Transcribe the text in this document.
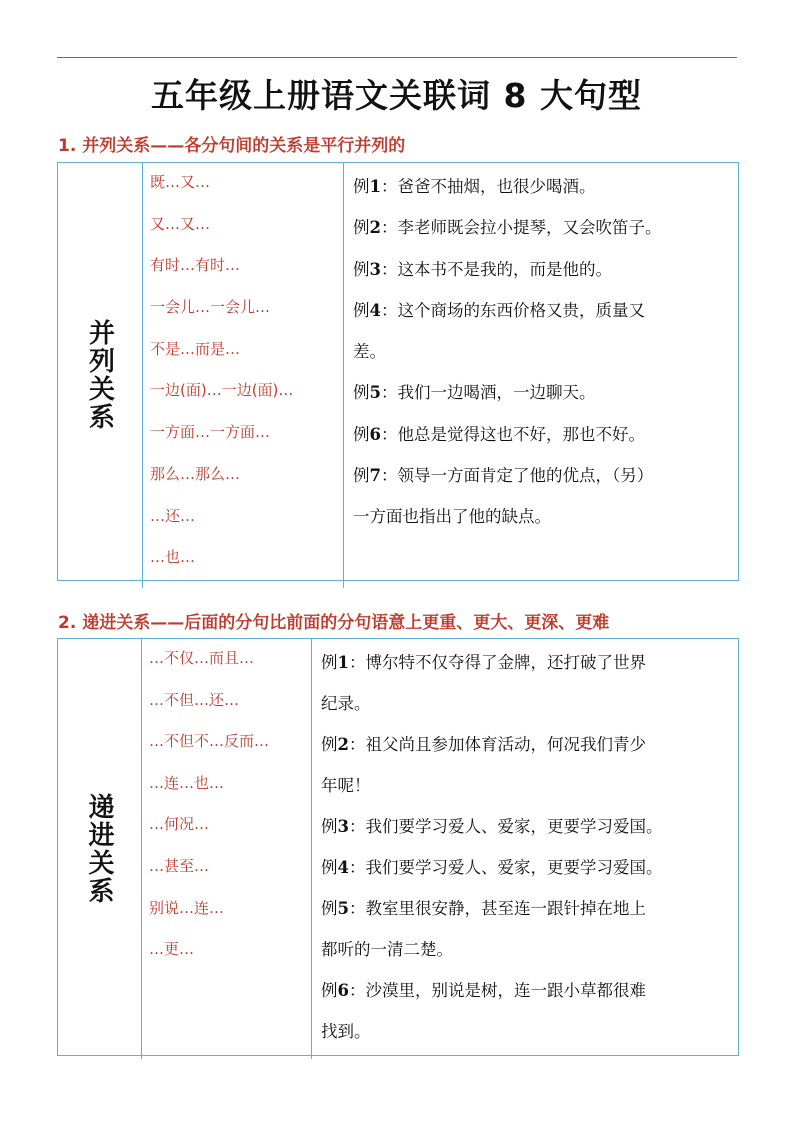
五年级上册语文关联词 8 大句型
1. 并列关系——各分句间的关系是平行并列的
并列关系
既…又…
又…又…
有时…有时…
一会儿…一会儿…
不是…而是…
一边(面)…一边(面)…
一方面…一方面…
那么…那么…
…还…
…也…
例1：爸爸不抽烟，也很少喝酒。
例2：李老师既会拉小提琴，又会吹笛子。
例3：这本书不是我的，而是他的。
例4：这个商场的东西价格又贵，质量又
差。
例5：我们一边喝酒，一边聊天。
例6：他总是觉得这也不好，那也不好。
例7：领导一方面肯定了他的优点，（另）
一方面也指出了他的缺点。
2. 递进关系——后面的分句比前面的分句语意上更重、更大、更深、更难
递进关系
…不仅…而且…
…不但…还…
…不但不…反而…
…连…也…
…何况…
…甚至…
别说…连…
…更…
例1：博尔特不仅夺得了金牌，还打破了世界
纪录。
例2：祖父尚且参加体育活动，何况我们青少
年呢！
例3：我们要学习爱人、爱家，更要学习爱国。
例4：我们要学习爱人、爱家，更要学习爱国。
例5：教室里很安静，甚至连一跟针掉在地上
都听的一清二楚。
例6：沙漠里，别说是树，连一跟小草都很难
找到。
